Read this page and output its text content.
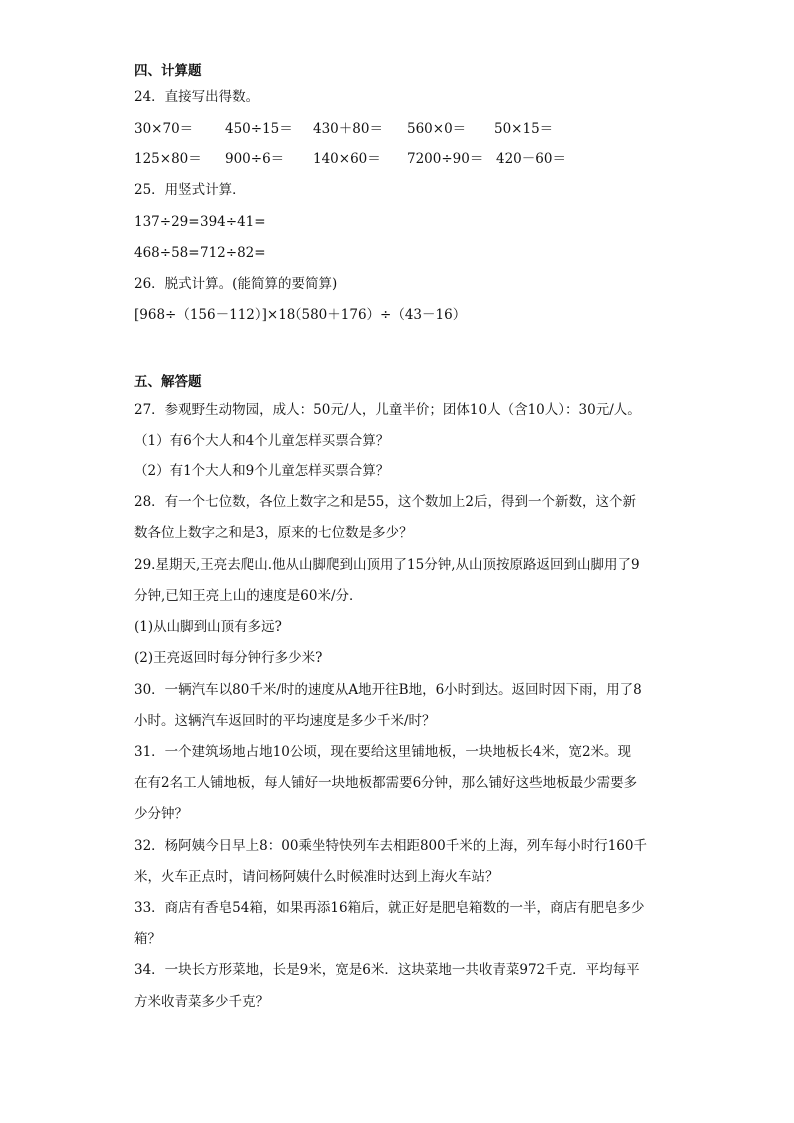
四、计算题
24．直接写出得数。
30×70＝ 450÷15＝ 430＋80＝ 560×0＝ 50×15＝
125×80＝ 900÷6＝ 140×60＝ 7200÷90＝ 420－60＝
25．用竖式计算．
137÷29= 394÷41=
468÷58= 712÷82=
26．脱式计算。(能简算的要简算)
[968÷（156－112）]×18
（580＋176）÷（43－16）
五、解答题
27．参观野生动物园，成人：50元/人，儿童半价；团体10人（含10人）：30元/人。
（1）有6个大人和4个儿童怎样买票合算？
（2）有1个大人和9个儿童怎样买票合算？
28．有一个七位数，各位上数字之和是55，这个数加上2后，得到一个新数，这个新
数各位上数字之和是3，原来的七位数是多少？
29.星期天,王亮去爬山.他从山脚爬到山顶用了15分钟,从山顶按原路返回到山脚用了9
分钟,已知王亮上山的速度是60米/分．
(1)从山脚到山顶有多远?
(2)王亮返回时每分钟行多少米?
30．一辆汽车以80千米/时的速度从A地开往B地，6小时到达。返回时因下雨，用了8
小时。这辆汽车返回时的平均速度是多少千米/时？
31．一个建筑场地占地10公顷，现在要给这里铺地板，一块地板长4米，宽2米。现
在有2名工人铺地板，每人铺好一块地板都需要6分钟，那么铺好这些地板最少需要多
少分钟？
32．杨阿姨今日早上8：00乘坐特快列车去相距800千米的上海，列车每小时行160千
米，火车正点时，请问杨阿姨什么时候准时达到上海火车站？
33．商店有香皂54箱，如果再添16箱后，就正好是肥皂箱数的一半，商店有肥皂多少
箱？
34．一块长方形菜地，长是9米，宽是6米．这块菜地一共收青菜972千克．平均每平
方米收青菜多少千克？
